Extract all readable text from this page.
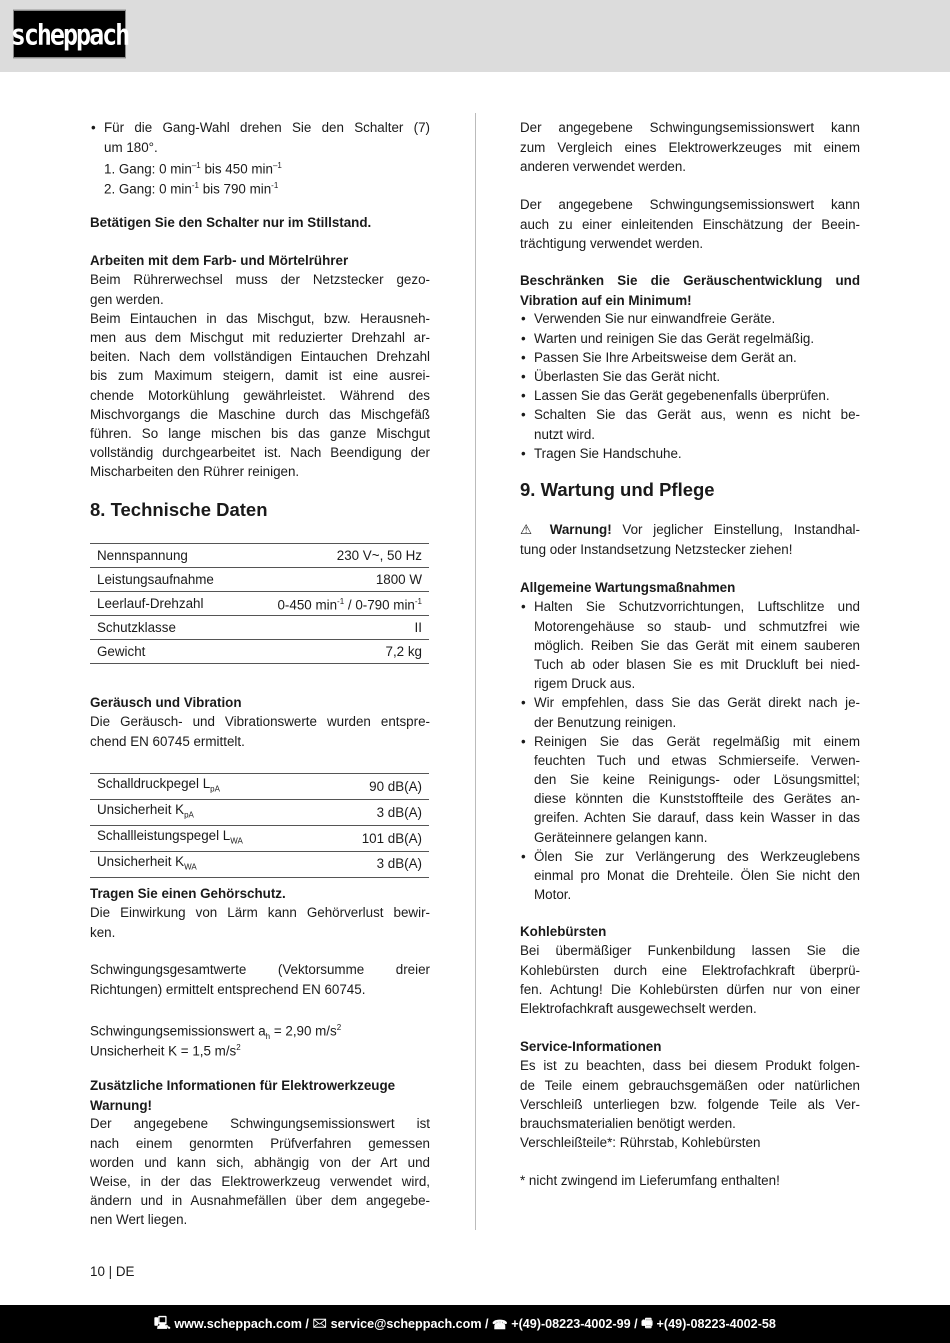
scheppach
• Für die Gang-Wahl drehen Sie den Schalter (7)
um 180°.
1. Gang: 0 $\min^{-1}$ bis 450 $\min^{-1}$
2. Gang: 0 $\min^{-1}$ bis 790 $\min^{-1}$
Betätigen Sie den Schalter nur im Stillstand.
Arbeiten mit dem Farb- und Mörtelrührer
Beim Rührerwechsel muss der Netzstecker gezo-
gen werden.
Beim Eintauchen in das Mischgut, bzw. Herausneh-
men aus dem Mischgut mit reduzierter Drehzahl ar-
beiten. Nach dem vollständigen Eintauchen Drehzahl
bis zum Maximum steigern, damit ist eine ausrei-
chende Motorkühlung gewährleistet. Während des
Mischvorgangs die Maschine durch das Mischgefäß
führen. So lange mischen bis das ganze Mischgut
vollständig durchgearbeitet ist. Nach Beendigung der
Mischarbeiten den Rührer reinigen.
8. Technische Daten
Nennspannung	230 V~, 50 Hz
Leistungsaufnahme	1800 W
Leerlauf-Drehzahl	0-450 $\min^{-1} / 0-790$ $\min^{-1}$
Schutzklasse	II
Gewicht	7,2 kg
Geräusch und Vibration
Die Geräusch- und Vibrationswerte wurden entspre-
chend EN 60745 ermittelt.
Schalldruckpegel $L_{pA}$	90 dB(A)
Unsicherheit $K_{pA}$	3 dB(A)
Schallleistungspegel $L_{WA}$	101 dB(A)
Unsicherheit $K_{WA}$	3 dB(A)
Tragen Sie einen Gehörschutz.
Die Einwirkung von Lärm kann Gehörverlust bewir-
ken.
Schwingungsgesamtwerte (Vektorsumme dreier
Richtungen) ermittelt entsprechend EN 60745.
Schwingungsemissionswert $a_h = 2,90$ $m/s^2$
Unsicherheit K = 1,5 $m/s^2$
Zusätzliche Informationen für Elektrowerkzeuge
Warnung!
Der angegebene Schwingungsemissionswert ist
nach einem genormten Prüfverfahren gemessen
worden und kann sich, abhängig von der Art und
Weise, in der das Elektrowerkzeug verwendet wird,
ändern und in Ausnahmefällen über dem angegebe-
nen Wert liegen.
Der angegebene Schwingungsemissionswert kann
zum Vergleich eines Elektrowerkzeuges mit einem
anderen verwendet werden.
Der angegebene Schwingungsemissionswert kann
auch zu einer einleitenden Einschätzung der Beein-
trächtigung verwendet werden.
Beschränken Sie die Geräuschentwicklung und
Vibration auf ein Minimum!
• Verwenden Sie nur einwandfreie Geräte.
• Warten und reinigen Sie das Gerät regelmäßig.
• Passen Sie Ihre Arbeitsweise dem Gerät an.
• Überlasten Sie das Gerät nicht.
• Lassen Sie das Gerät gegebenenfalls überprüfen.
• Schalten Sie das Gerät aus, wenn es nicht be-
nutzt wird.
• Tragen Sie Handschuhe.
9. Wartung und Pflege
⚠ Warnung! Vor jeglicher Einstellung, Instandhal-
tung oder Instandsetzung Netzstecker ziehen!
Allgemeine Wartungsmaßnahmen
• Halten Sie Schutzvorrichtungen, Luftschlitze und
Motorengehäuse so staub- und schmutzfrei wie
möglich. Reiben Sie das Gerät mit einem sauberen
Tuch ab oder blasen Sie es mit Druckluft bei nied-
rigem Druck aus.
• Wir empfehlen, dass Sie das Gerät direkt nach je-
der Benutzung reinigen.
• Reinigen Sie das Gerät regelmäßig mit einem
feuchten Tuch und etwas Schmierseife. Verwen-
den Sie keine Reinigungs- oder Lösungsmittel;
diese könnten die Kunststoffteile des Gerätes an-
greifen. Achten Sie darauf, dass kein Wasser in das
Geräteinnere gelangen kann.
• Ölen Sie zur Verlängerung des Werkzeuglebens
einmal pro Monat die Drehteile. Ölen Sie nicht den
Motor.
Kohlebürsten
Bei übermäßiger Funkenbildung lassen Sie die
Kohlebürsten durch eine Elektrofachkraft überprü-
fen. Achtung! Die Kohlebürsten dürfen nur von einer
Elektrofachkraft ausgewechselt werden.
Service-Informationen
Es ist zu beachten, dass bei diesem Produkt folgen-
de Teile einem gebrauchsgemäßen oder natürlichen
Verschleiß unterliegen bzw. folgende Teile als Ver-
brauchsmaterialien benötigt werden.
Verschleißteile*: Rührstab, Kohlebürsten
* nicht zwingend im Lieferumfang enthalten!
10 | DE
🖳 www.scheppach.com
/
🖂 service@scheppach.com
/
☎ +(49)-08223-4002-99
/
🖷 +(49)-08223-4002-58
